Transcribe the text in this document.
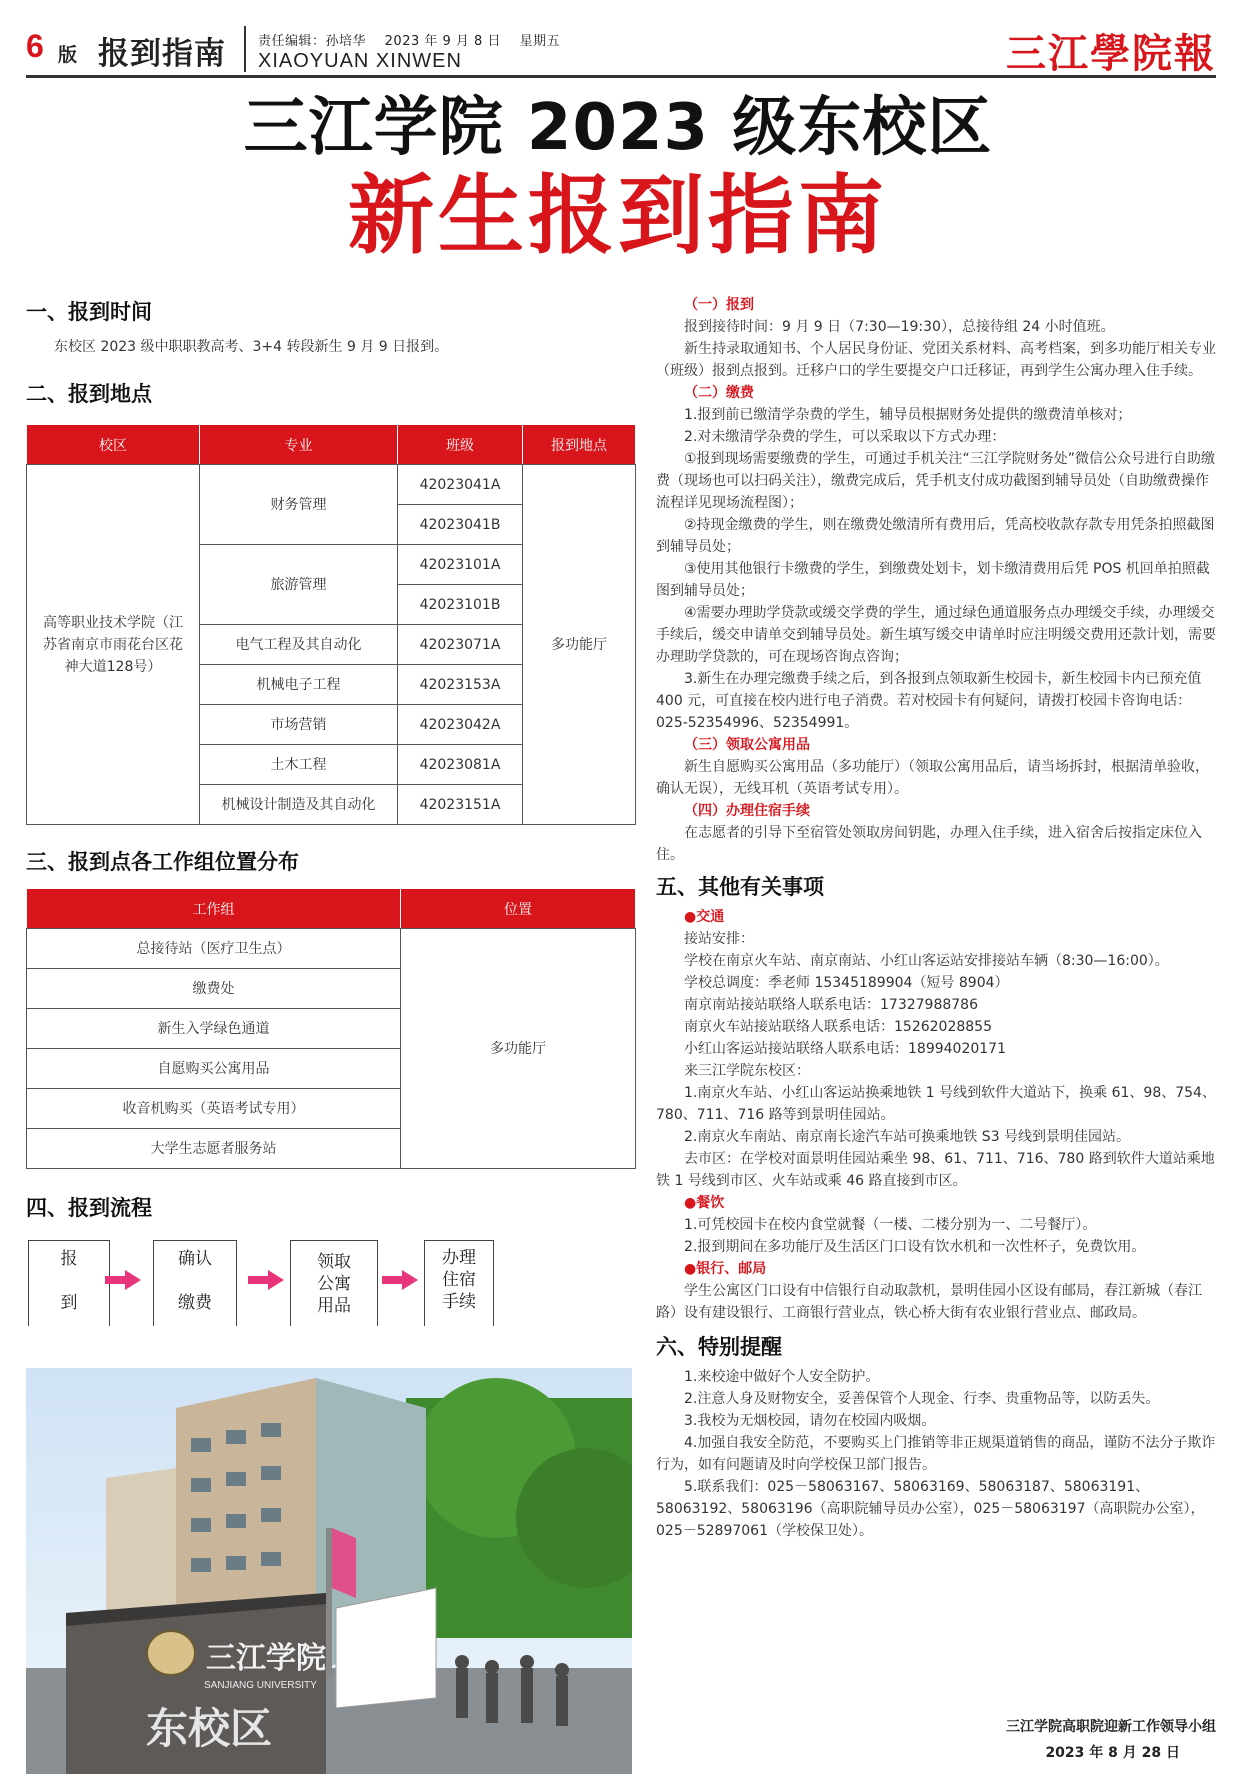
6 版 报到指南 责任编辑：孙培华 2023 年 9 月 8 日 星期五
XIAOYUAN XINWEN	三江學院報
三江学院 2023 级东校区
新生报到指南
一、报到时间
东校区 2023 级中职职教高考、3+4 转段新生 9 月 9 日报到。
二、报到地点
校区	专业	班级	报到地点
高等职业技术学院（江苏省南京市雨花台区花神大道128号）	财务管理	42023041A	多功能厅
		42023041B	
	旅游管理	42023101A	
		42023101B	
	电气工程及其自动化	42023071A	
	机械电子工程	42023153A	
	市场营销	42023042A	
	土木工程	42023081A	
	机械设计制造及其自动化	42023151A	
三、报到点各工作组位置分布
工作组	位置
总接待站（医疗卫生点）	多功能厅
缴费处	
新生入学绿色通道	
自愿购买公寓用品	
收音机购买（英语考试专用）	
大学生志愿者服务站	
四、报到流程
报
到
确认
缴费
领取
公寓
用品
办理
住宿
手续
三江学院
SANJIANG UNIVERSITY
东校区
（一）报到
报到接待时间：9 月 9 日（7:30—19:30），总接待组 24 小时值班。
新生持录取通知书、个人居民身份证、党团关系材料、高考档案，到多功能厅相关专业（班级）报到点报到。迁移户口的学生要提交户口迁移证，再到学生公寓办理入住手续。
（二）缴费
1.报到前已缴清学杂费的学生，辅导员根据财务处提供的缴费清单核对；
2.对未缴清学杂费的学生，可以采取以下方式办理：
①报到现场需要缴费的学生，可通过手机关注“三江学院财务处”微信公众号进行自助缴费（现场也可以扫码关注），缴费完成后，凭手机支付成功截图到辅导员处（自助缴费操作流程详见现场流程图）；
②持现金缴费的学生，则在缴费处缴清所有费用后，凭高校收款存款专用凭条拍照截图到辅导员处；
③使用其他银行卡缴费的学生，到缴费处划卡，划卡缴清费用后凭 POS 机回单拍照截图到辅导员处；
④需要办理助学贷款或缓交学费的学生，通过绿色通道服务点办理缓交手续，办理缓交手续后，缓交申请单交到辅导员处。新生填写缓交申请单时应注明缓交费用还款计划，需要办理助学贷款的，可在现场咨询点咨询；
3.新生在办理完缴费手续之后，到各报到点领取新生校园卡，新生校园卡内已预充值 400 元，可直接在校内进行电子消费。若对校园卡有何疑问，请拨打校园卡咨询电话：025-52354996、52354991。
（三）领取公寓用品
新生自愿购买公寓用品（多功能厅）（领取公寓用品后，请当场拆封，根据清单验收，确认无误），无线耳机（英语考试专用）。
（四）办理住宿手续
在志愿者的引导下至宿管处领取房间钥匙，办理入住手续，进入宿舍后按指定床位入住。
五、其他有关事项
●交通
接站安排：
学校在南京火车站、南京南站、小红山客运站安排接站车辆（8:30—16:00）。
学校总调度：季老师 15345189904（短号 8904）
南京南站接站联络人联系电话：17327988786
南京火车站接站联络人联系电话：15262028855
小红山客运站接站联络人联系电话：18994020171
来三江学院东校区：
1.南京火车站、小红山客运站换乘地铁 1 号线到软件大道站下，换乘 61、98、754、780、711、716 路等到景明佳园站。
2.南京火车南站、南京南长途汽车站可换乘地铁 S3 号线到景明佳园站。
去市区：在学校对面景明佳园站乘坐 98、61、711、716、780 路到软件大道站乘地铁 1 号线到市区、火车站或乘 46 路直接到市区。
●餐饮
1.可凭校园卡在校内食堂就餐（一楼、二楼分别为一、二号餐厅）。
2.报到期间在多功能厅及生活区门口设有饮水机和一次性杯子，免费饮用。
●银行、邮局
学生公寓区门口设有中信银行自动取款机，景明佳园小区设有邮局，春江新城（春江路）设有建设银行、工商银行营业点，铁心桥大街有农业银行营业点、邮政局。
六、特别提醒
1.来校途中做好个人安全防护。
2.注意人身及财物安全，妥善保管个人现金、行李、贵重物品等，以防丢失。
3.我校为无烟校园，请勿在校园内吸烟。
4.加强自我安全防范，不要购买上门推销等非正规渠道销售的商品，谨防不法分子欺诈行为，如有问题请及时向学校保卫部门报告。
5.联系我们：025－58063167、58063169、58063187、58063191、58063192、58063196（高职院辅导员办公室），025－58063197（高职院办公室），025－52897061（学校保卫处）。
三江学院高职院迎新工作领导小组
2023 年 8 月 28 日
